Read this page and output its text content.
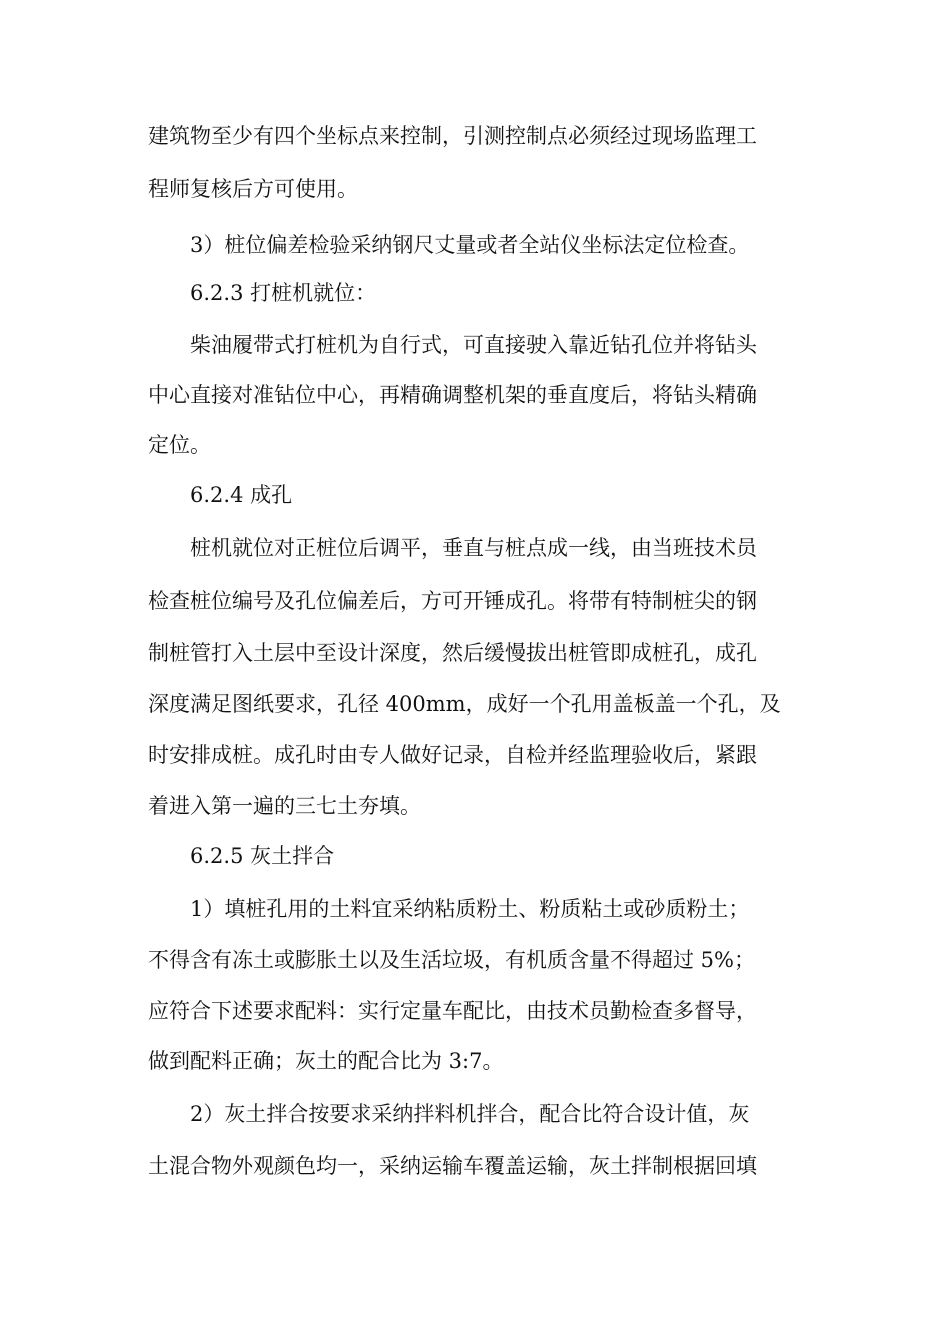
建筑物至少有四个坐标点来控制，引测控制点必须经过现场监理工
程师复核后方可使用。
3）桩位偏差检验采纳钢尺丈量或者全站仪坐标法定位检查。
6.2.3 打桩机就位：
柴油履带式打桩机为自行式，可直接驶入靠近钻孔位并将钻头
中心直接对准钻位中心，再精确调整机架的垂直度后，将钻头精确
定位。
6.2.4 成孔
桩机就位对正桩位后调平，垂直与桩点成一线，由当班技术员
检查桩位编号及孔位偏差后，方可开锤成孔。将带有特制桩尖的钢
制桩管打入土层中至设计深度，然后缓慢拔出桩管即成桩孔，成孔
深度满足图纸要求，孔径 400mm，成好一个孔用盖板盖一个孔，及
时安排成桩。成孔时由专人做好记录，自检并经监理验收后，紧跟
着进入第一遍的三七土夯填。
6.2.5 灰土拌合
1）填桩孔用的土料宜采纳粘质粉土、粉质粘土或砂质粉土；
不得含有冻土或膨胀土以及生活垃圾，有机质含量不得超过 5%；
应符合下述要求配料：实行定量车配比，由技术员勤检查多督导，
做到配料正确；灰土的配合比为 3:7。
2）灰土拌合按要求采纳拌料机拌合，配合比符合设计值，灰
土混合物外观颜色均一，采纳运输车覆盖运输，灰土拌制根据回填
